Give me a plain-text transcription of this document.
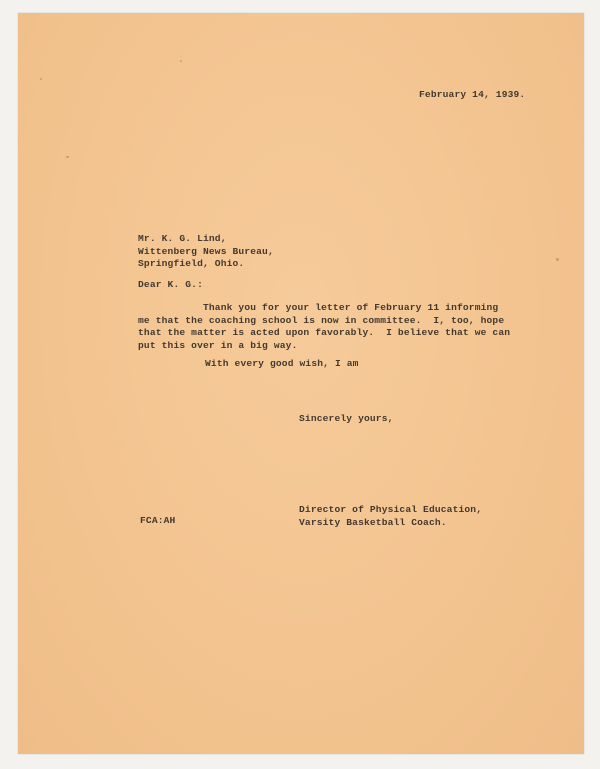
February 14, 1939.
Mr. K. G. Lind,
Wittenberg News Bureau,
Springfield, Ohio.
Dear K. G.:
Thank you for your letter of February 11 informing
me that the coaching school is now in committee.  I, too, hope
that the matter is acted upon favorably.  I believe that we can
put this over in a big way.
With every good wish, I am
Sincerely yours,
Director of Physical Education,
Varsity Basketball Coach.
FCA:AH
